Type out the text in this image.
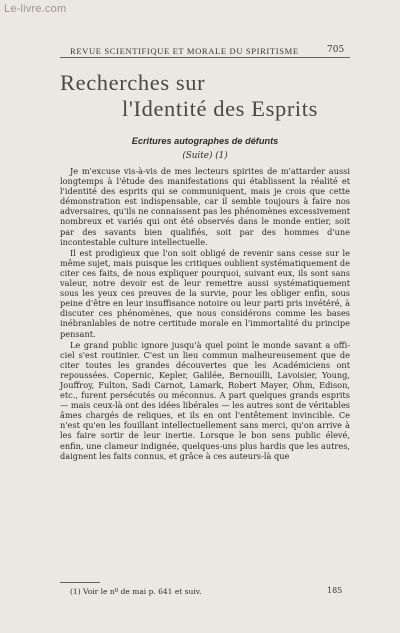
Le-livre.com
REVUE SCIENTIFIQUE ET MORALE DU SPIRITISME	705
Recherches sur
l'Identité des Esprits
Ecritures autographes de défunts
(Suite) (1)

Je m'excuse vis-à-vis de mes lecteurs spirites de m'attarder aussi longtemps à l'étude des manifestations qui établissent la réalité et l'identité des esprits qui se communiquent, mais je crois que cette démonstration est indispensable, car il semble toujours à faire nos adversaires, qu'ils ne connaissent pas les phénomènes excessivement nombreux et variés qui ont été observés dans le monde entier, soit par des savants bien qualifiés, soit par des hommes d'une incontestable culture intellectuelle.

Il est prodigieux que l'on soit obligé de revenir sans cesse sur le même sujet, mais puisque les critiques oublient systématiquement de citer ces faits, de nous expliquer pourquoi, suivant eux, ils sont sans valeur, notre devoir est de leur remettre aussi systématiquement sous les yeux ces preuves de la survie, pour les obliger enfin, sous peine d'être en leur insuffisance notoire ou leur parti pris invétéré, à discuter ces phénomènes, que nous considérons comme les bases inébranlables de notre certitude morale en l'immortalité du principe pensant.

Le grand public ignore jusqu'à quel point le monde savant a offi-ciel s'est routinier. C'est un lieu commun malheureusement que de citer toutes les grandes découvertes que les Académiciens ont repoussées. Copernic, Kepler, Galilée, Bernouilli, Lavoisier, Young, Jouffroy, Fulton, Sadi Carnot, Lamark, Robert Mayer, Ohm, Edison, etc., furent persécutés ou méconnus. A part quelques grands esprits — mais ceux-là ont des idées libérales — les autres sont de véritables âmes chargés de reliques, et ils en ont l'entêtement invincible. Ce n'est qu'en les fouillant intellectuellement sans merci, qu'on arrive à les faire sortir de leur inertie. Lorsque le bon sens public élevé, enfin, une clameur indignée, quelques-uns plus hardis que les autres, daignent les faits connus, et grâce à ces auteurs-là que

(1) Voir le nº de mai p. 641 et suiv.	185
